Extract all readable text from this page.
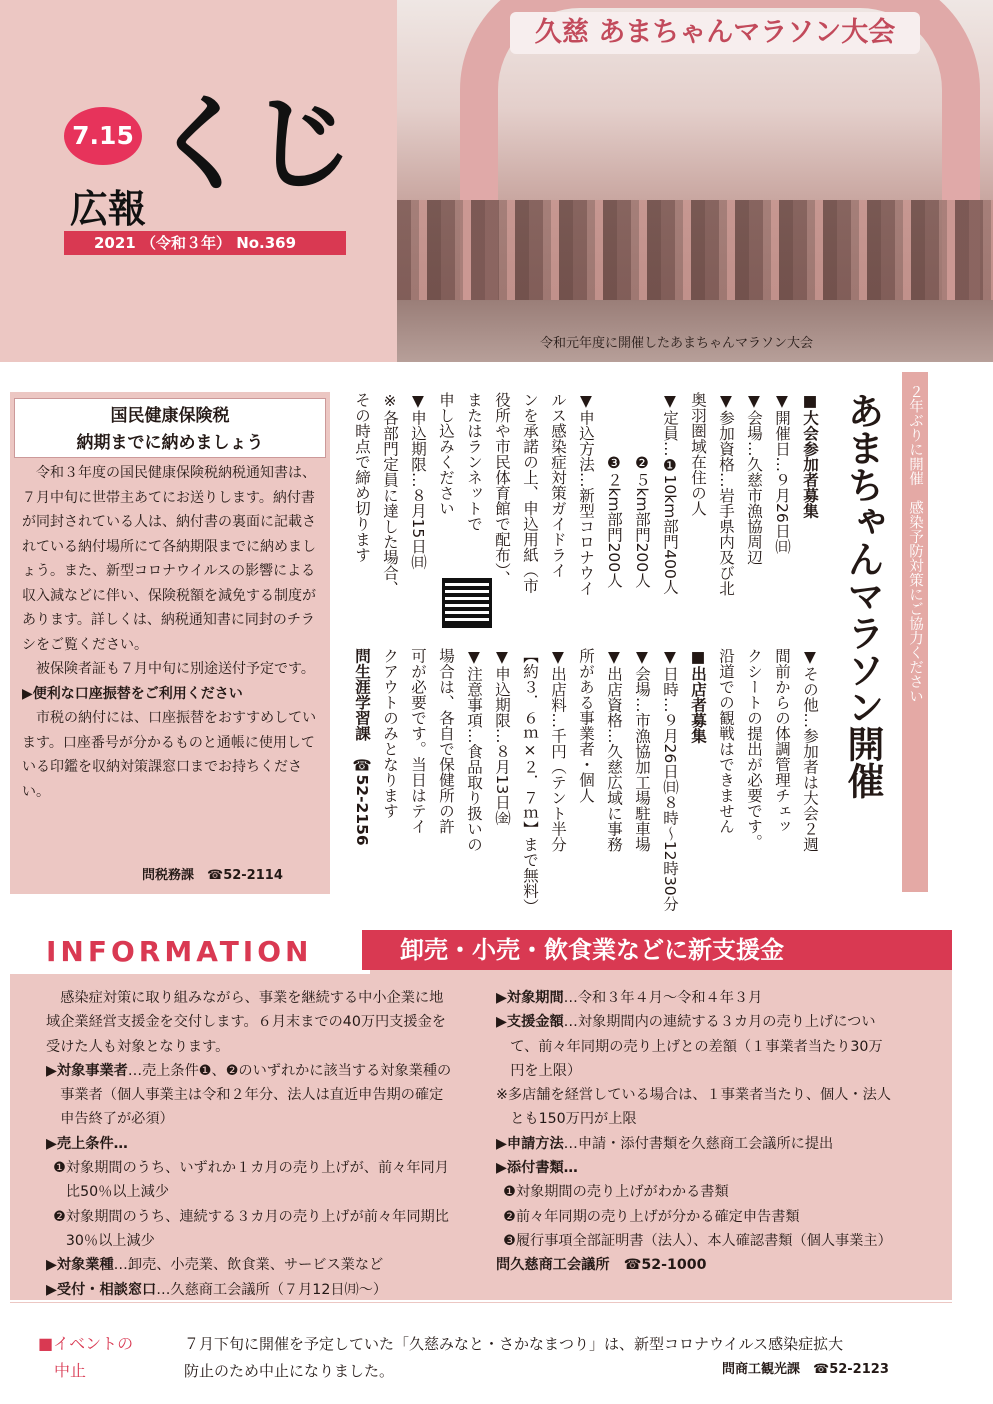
久慈 あまちゃんマラソン大会
令和元年度に開催したあまちゃんマラソン大会
7.15 くじ
広報
2021 （令和３年） No.369
国民健康保険税
納期までに納めましょう

令和３年度の国民健康保険税納税通知書は、７月中旬に世帯主あてにお送りします。納付書が同封されている人は、納付書の裏面に記載されている納付場所にて各納期限までに納めましょう。また、新型コロナウイルスの影響による収入減などに伴い、保険税額を減免する制度があります。詳しくは、納税通知書に同封のチラシをご覧ください。

被保険者証も７月中旬に別途送付予定です。

▶便利な口座振替をご利用ください

市税の納付には、口座振替をおすすめしています。口座番号が分かるものと通帳に使用している印鑑を収納対策課窓口までお持ちください。

問税務課　☎52-2114
２年ぶりに開催　感染予防対策にご協力ください
あまちゃんマラソン開催
■大会参加者募集
▼開催日…９月26日㈰
▼会場…久慈市漁協周辺
▼参加資格…岩手県内及び北
奥羽圏域在住の人
▼定員…❶10km部門400人
　　　　❷５km部門200人
　　　　❸２km部門200人
▼申込方法…新型コロナウイ
ルス感染症対策ガイドライ
ンを承諾の上、申込用紙（市
役所や市民体育館で配布）、
またはランネットで
申し込みください
▼申込期限…８月15日㈰
※各部門定員に達した場合、
その時点で締め切ります
▼その他…参加者は大会２週
間前からの体調管理チェッ
クシートの提出が必要です。
沿道での観戦はできません
■出店者募集
▼日時…９月26日㈰８時～12時30分
▼会場…市漁協加工場駐車場
▼出店資格…久慈広域に事務
所がある事業者・個人
▼出店料…千円（テント半分
【約３．６ｍ×２．７ｍ】まで無料）
▼申込期限…８月13日㈮
▼注意事項…食品取り扱いの
場合は、各自で保健所の許
可が必要です。当日はテイ
クアウトのみとなります
問生涯学習課　☎52-2156
INFORMATION	卸売・小売・飲食業などに新支援金

感染症対策に取り組みながら、事業を継続する中小企業に地域企業経営支援金を交付します。６月末までの40万円支援金を受けた人も対象となります。

▶対象事業者…売上条件❶、❷のいずれかに該当する対象業種の事業者（個人事業主は令和２年分、法人は直近申告期の確定申告終了が必須）

▶売上条件…

❶対象期間のうち、いずれか１カ月の売り上げが、前々年同月比50％以上減少

❷対象期間のうち、連続する３カ月の売り上げが前々年同期比30％以上減少

▶対象業種…卸売、小売業、飲食業、サービス業など

▶受付・相談窓口…久慈商工会議所（７月12日㈪～）

▶対象期間…令和３年４月～令和４年３月

▶支援金額…対象期間内の連続する３カ月の売り上げについて、前々年同期の売り上げとの差額（１事業者当たり30万円を上限）

※多店舗を経営している場合は、１事業者当たり、個人・法人とも150万円が上限

▶申請方法…申請・添付書類を久慈商工会議所に提出

▶添付書類…

❶対象期間の売り上げがわかる書類

❷前々年同期の売り上げが分かる確定申告書類

❸履行事項全部証明書（法人）、本人確認書類（個人事業主）

問久慈商工会議所　☎52-1000

■イベントの
中止

７月下旬に開催を予定していた「久慈みなと・さかなまつり」は、新型コロナウイルス感染症拡大

防止のため中止になりました。	問商工観光課　☎52-2123
